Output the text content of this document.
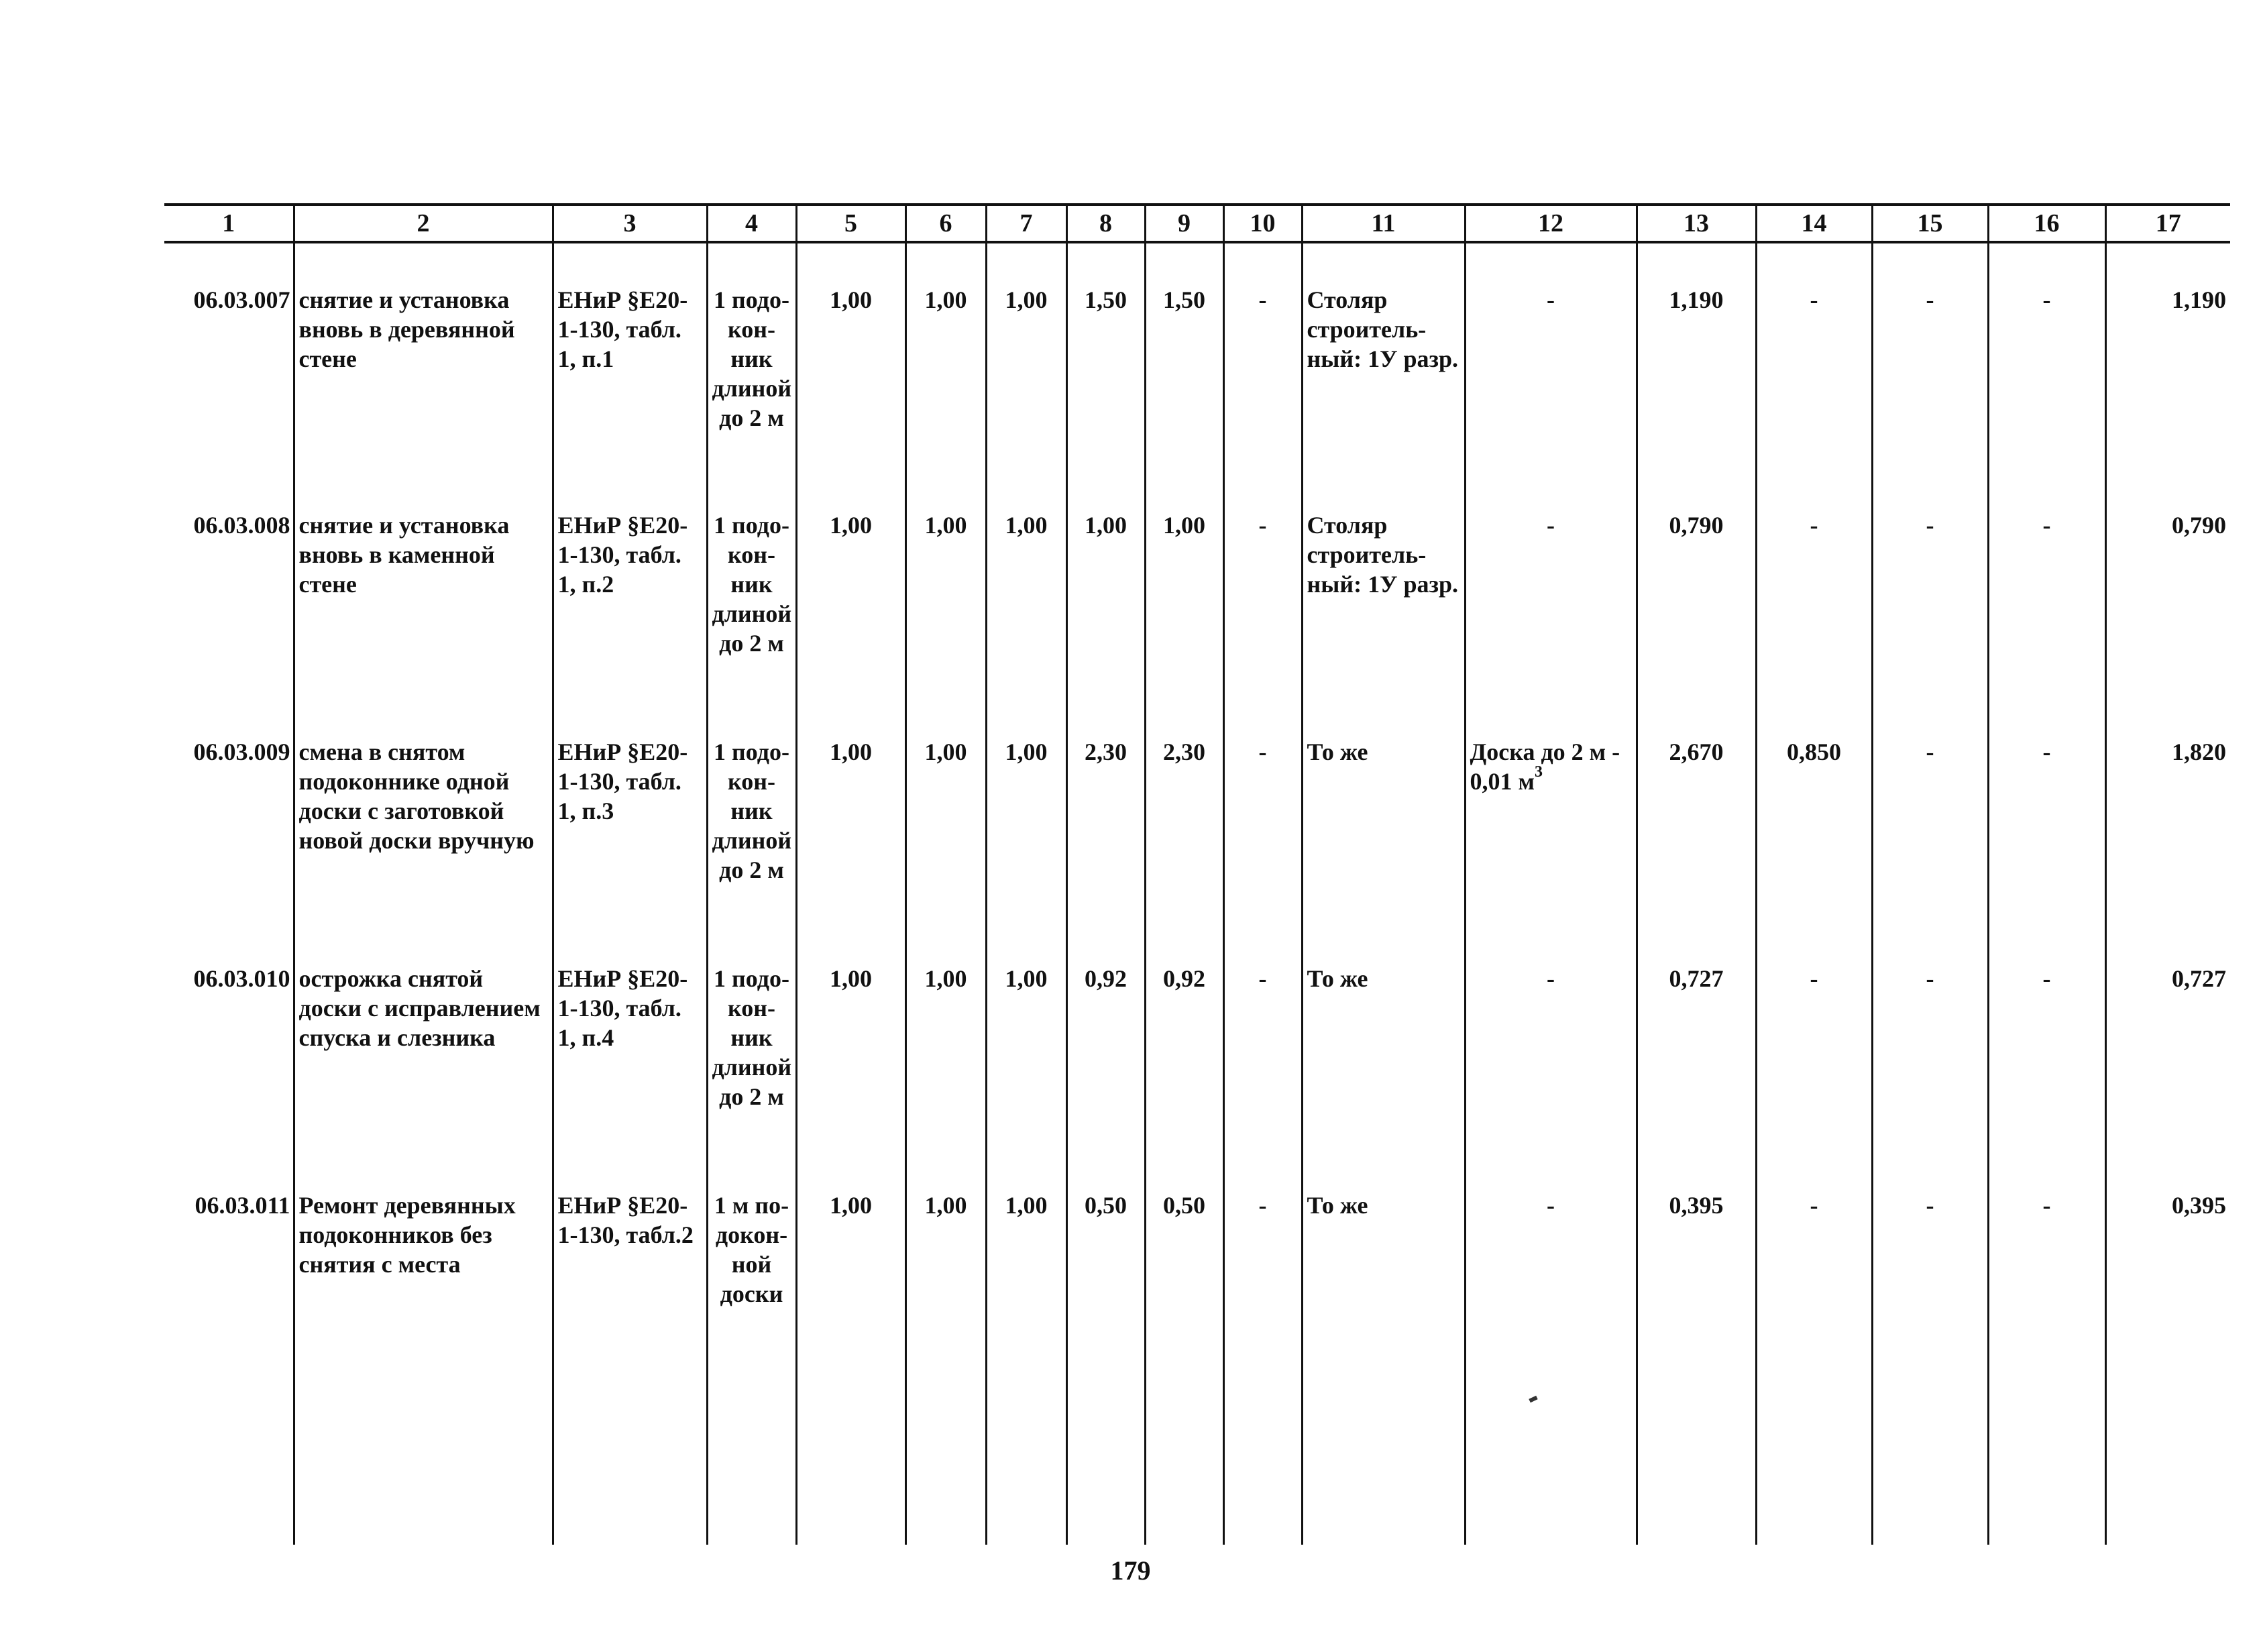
1	2	3	4	5	6	7	8	9	10	11	12	13	14	15	16	17
06.03.007	снятие и установка вновь в деревянной стене	ЕНиР §Е20-1-130, табл. 1, п.1	1 подо-кон-ник длиной до 2 м	1,00	1,00	1,00	1,50	1,50	-	Столяр строитель-ный: 1У разр.	-	1,190	-	-	-	1,190
06.03.008	снятие и установка вновь в каменной стене	ЕНиР §Е20-1-130, табл. 1, п.2	1 подо-кон-ник длиной до 2 м	1,00	1,00	1,00	1,00	1,00	-	Столяр строитель-ный: 1У разр.	-	0,790	-	-	-	0,790
06.03.009	смена в снятом подоконнике одной доски с заготовкой новой доски вручную	ЕНиР §Е20-1-130, табл. 1, п.3	1 подо-кон-ник длиной до 2 м	1,00	1,00	1,00	2,30	2,30	-	То же	Доска до 2 м - 0,01 $м^3$	2,670	0,850	-	-	1,820
06.03.010	острожка снятой доски с исправлением спуска и слезника	ЕНиР §Е20-1-130, табл. 1, п.4	1 подо-кон-ник длиной до 2 м	1,00	1,00	1,00	0,92	0,92	-	То же	-	0,727	-	-	-	0,727
06.03.011	Ремонт деревянных подоконников без снятия с места	ЕНиР §Е20-1-130, табл.2	1 м по-докон-ной доски	1,00	1,00	1,00	0,50	0,50	-	То же	-	0,395	-	-	-	0,395
179
